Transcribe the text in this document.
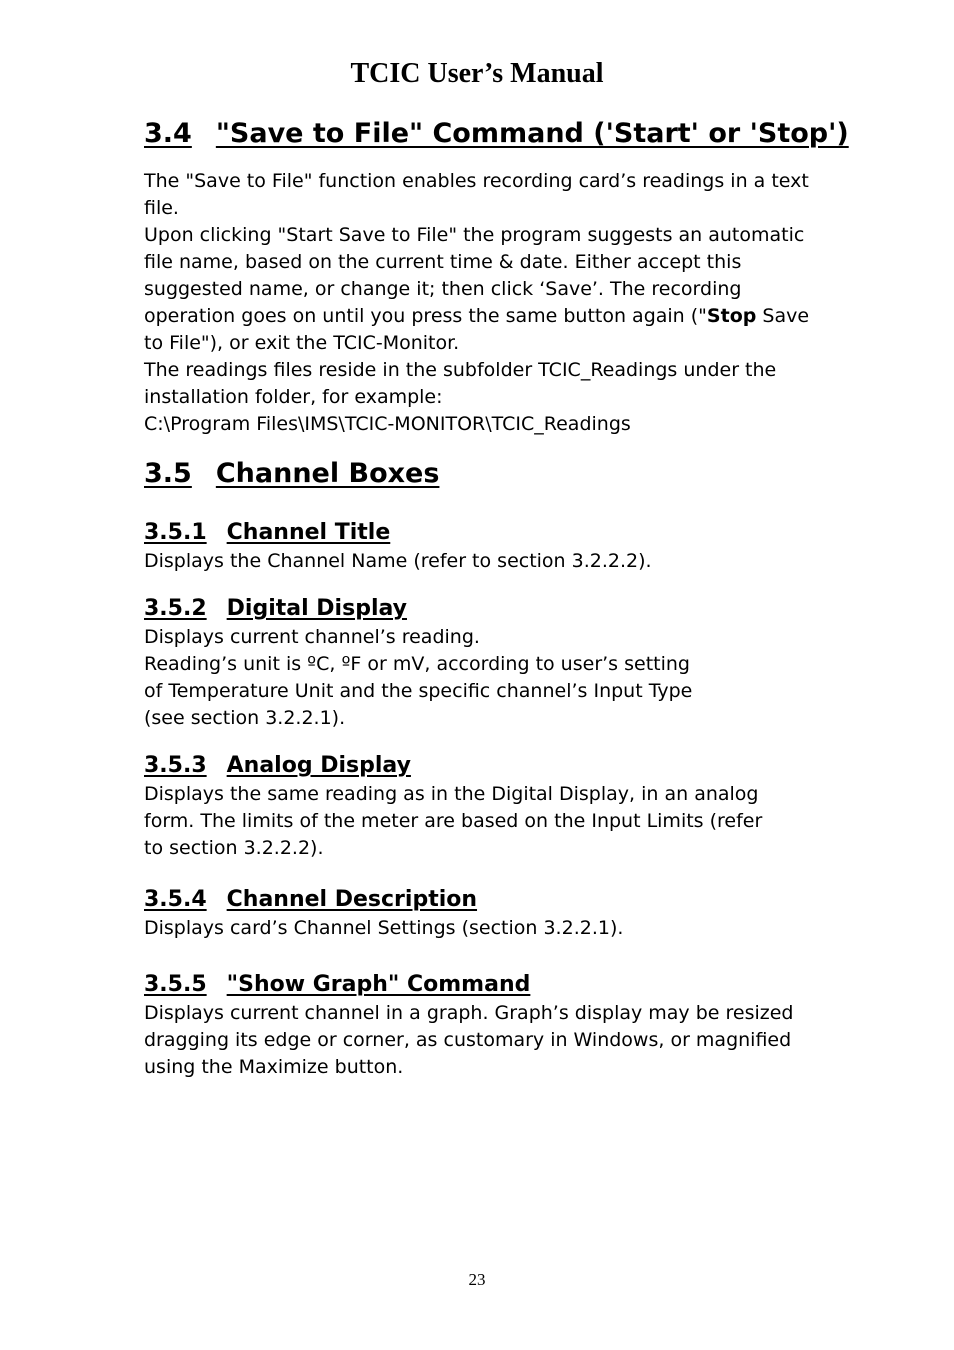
TCIC User’s Manual
3.4 "Save to File" Command ('Start' or 'Stop')

The "Save to File" function enables recording card’s readings in a text file.

Upon clicking "Start Save to File" the program suggests an automatic file name, based on the current time & date. Either accept this suggested name, or change it; then click ‘Save’. The recording operation goes on until you press the same button again ("Stop Save to File"), or exit the TCIC-Monitor.

The readings files reside in the subfolder TCIC_Readings under the installation folder, for example:

C:\Program Files\IMS\TCIC-MONITOR\TCIC_Readings

3.5 Channel Boxes
3.5.1 Channel Title

Displays the Channel Name (refer to section 3.2.2.2).

3.5.2 Digital Display

Displays current channel’s reading.

Reading’s unit is ºC, ºF or mV, according to user’s setting

of Temperature Unit and the specific channel’s Input Type

(see section 3.2.2.1).

3.5.3 Analog Display

Displays the same reading as in the Digital Display, in an analog

form. The limits of the meter are based on the Input Limits (refer

to section 3.2.2.2).

3.5.4 Channel Description

Displays card’s Channel Settings (section 3.2.2.1).

3.5.5 "Show Graph" Command

Displays current channel in a graph. Graph’s display may be resized

dragging its edge or corner, as customary in Windows, or magnified

using the Maximize button.

23
